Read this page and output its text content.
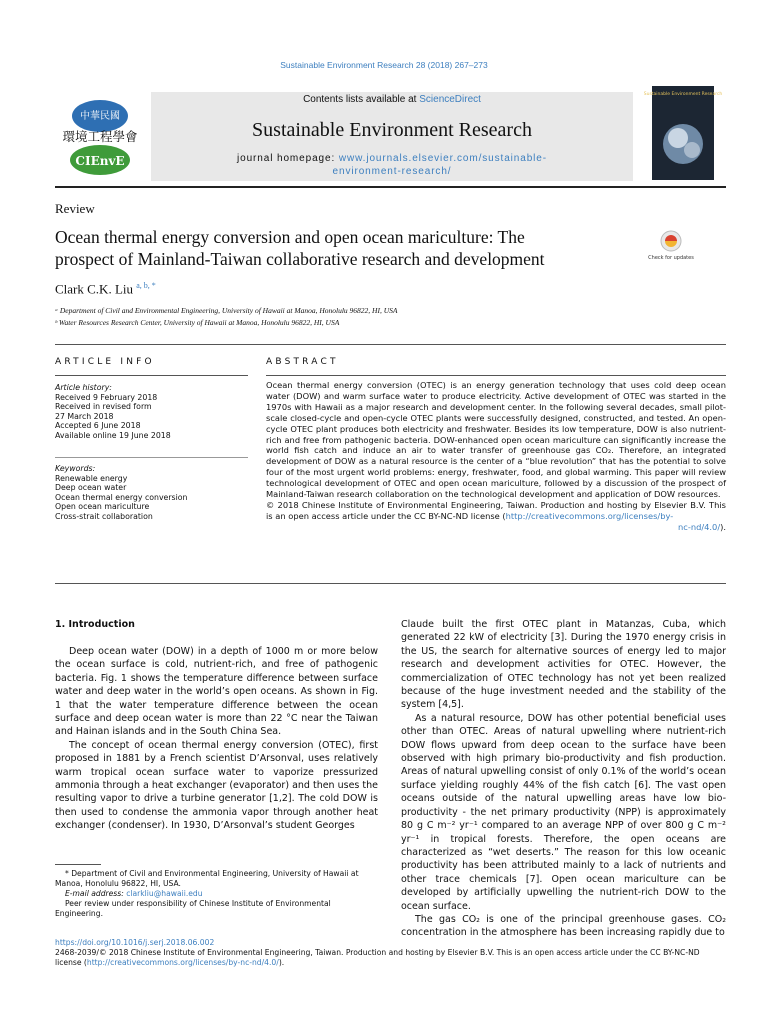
Sustainable Environment Research 28 (2018) 267–273
中華民國
環境工程學會
CIEnvE
Contents lists available at ScienceDirect
Sustainable Environment Research
journal homepage: www.journals.elsevier.com/sustainable-
environment-research/
Sustainable Environment Research
Review
Ocean thermal energy conversion and open ocean mariculture: The
prospect of Mainland-Taiwan collaborative research and development	Check for updates
Clark C.K. Liu $^{a, b, *}$
ᵃ Department of Civil and Environmental Engineering, University of Hawaii at Manoa, Honolulu 96822, HI, USA
ᵇ Water Resources Research Center, University of Hawaii at Manoa, Honolulu 96822, HI, USA
ARTICLE INFO	ABSTRACT
Article history:
Received 9 February 2018
Received in revised form
27 March 2018
Accepted 6 June 2018
Available online 19 June 2018
Keywords:
Renewable energy
Deep ocean water
Ocean thermal energy conversion
Open ocean mariculture
Cross-strait collaboration
Ocean thermal energy conversion (OTEC) is an energy generation technology that uses cold deep ocean water (DOW) and warm surface water to produce electricity. Active development of OTEC was started in the 1970s with Hawaii as a major research and development center. In the following several decades, small pilot-scale closed-cycle and open-cycle OTEC plants were successfully designed, constructed, and tested. An open-cycle OTEC plant produces both electricity and freshwater. Besides its low temperature, DOW is also nutrient-rich and free from pathogenic bacteria. DOW-enhanced open ocean mariculture can significantly increase the world fish catch and induce an air to water transfer of greenhouse gas CO₂. Therefore, an integrated development of DOW as a natural resource is the center of a “blue revolution” that has the potential to solve four of the most urgent world problems: energy, freshwater, food, and global warming. This paper will review technological development of OTEC and open ocean mariculture, followed by a discussion of the prospect of Mainland-Taiwan research collaboration on the technological development and application of DOW resources.
© 2018 Chinese Institute of Environmental Engineering, Taiwan. Production and hosting by Elsevier B.V. This is an open access article under the CC BY-NC-ND license (http://creativecommons.org/licenses/by-
nc-nd/4.0/).
1. Introduction

Deep ocean water (DOW) in a depth of 1000 m or more below the ocean surface is cold, nutrient-rich, and free of pathogenic bacteria. Fig. 1 shows the temperature difference between surface water and deep water in the world’s open oceans. As shown in Fig. 1 that the water temperature difference between the ocean surface and deep ocean water is more than 22 °C near the Taiwan and Hainan islands and in the South China Sea.

The concept of ocean thermal energy conversion (OTEC), first proposed in 1881 by a French scientist D’Arsonval, uses relatively warm tropical ocean surface water to vaporize pressurized ammonia through a heat exchanger (evaporator) and then uses the resulting vapor to drive a turbine generator [1,2]. The cold DOW is then used to condense the ammonia vapor through another heat exchanger (condenser). In 1930, D’Arsonval’s student Georges

Claude built the first OTEC plant in Matanzas, Cuba, which generated 22 kW of electricity [3]. During the 1970 energy crisis in the US, the search for alternative sources of energy led to major research and development activities for OTEC. However, the commercialization of OTEC technology has not yet been realized because of the huge investment needed and the stability of the system [4,5].

As a natural resource, DOW has other potential beneficial uses other than OTEC. Areas of natural upwelling where nutrient-rich DOW flows upward from deep ocean to the surface have been observed with high primary bio-productivity and fish production. Areas of natural upwelling consist of only 0.1% of the world’s ocean surface yielding roughly 44% of the fish catch [6]. The vast open oceans outside of the natural upwelling areas have low bio-productivity - the net primary productivity (NPP) is approximately 80 g C m⁻² yr⁻¹ compared to an average NPP of over 800 g C m⁻² yr⁻¹ in tropical forests. Therefore, the open oceans are characterized as “wet deserts.” The reason for this low oceanic productivity has been attributed mainly to a lack of nutrients and other trace chemicals [7]. Open ocean mariculture can be developed by artificially upwelling the nutrient-rich DOW to the ocean surface.

The gas CO₂ is one of the principal greenhouse gases. CO₂ concentration in the atmosphere has been increasing rapidly due to

* Department of Civil and Environmental Engineering, University of Hawaii at Manoa, Honolulu 96822, HI, USA.
E-mail address: clarkliu@hawaii.edu
Peer review under responsibility of Chinese Institute of Environmental Engineering.
https://doi.org/10.1016/j.serj.2018.06.002
2468-2039/© 2018 Chinese Institute of Environmental Engineering, Taiwan. Production and hosting by Elsevier B.V. This is an open access article under the CC BY-NC-ND
license (http://creativecommons.org/licenses/by-nc-nd/4.0/).
